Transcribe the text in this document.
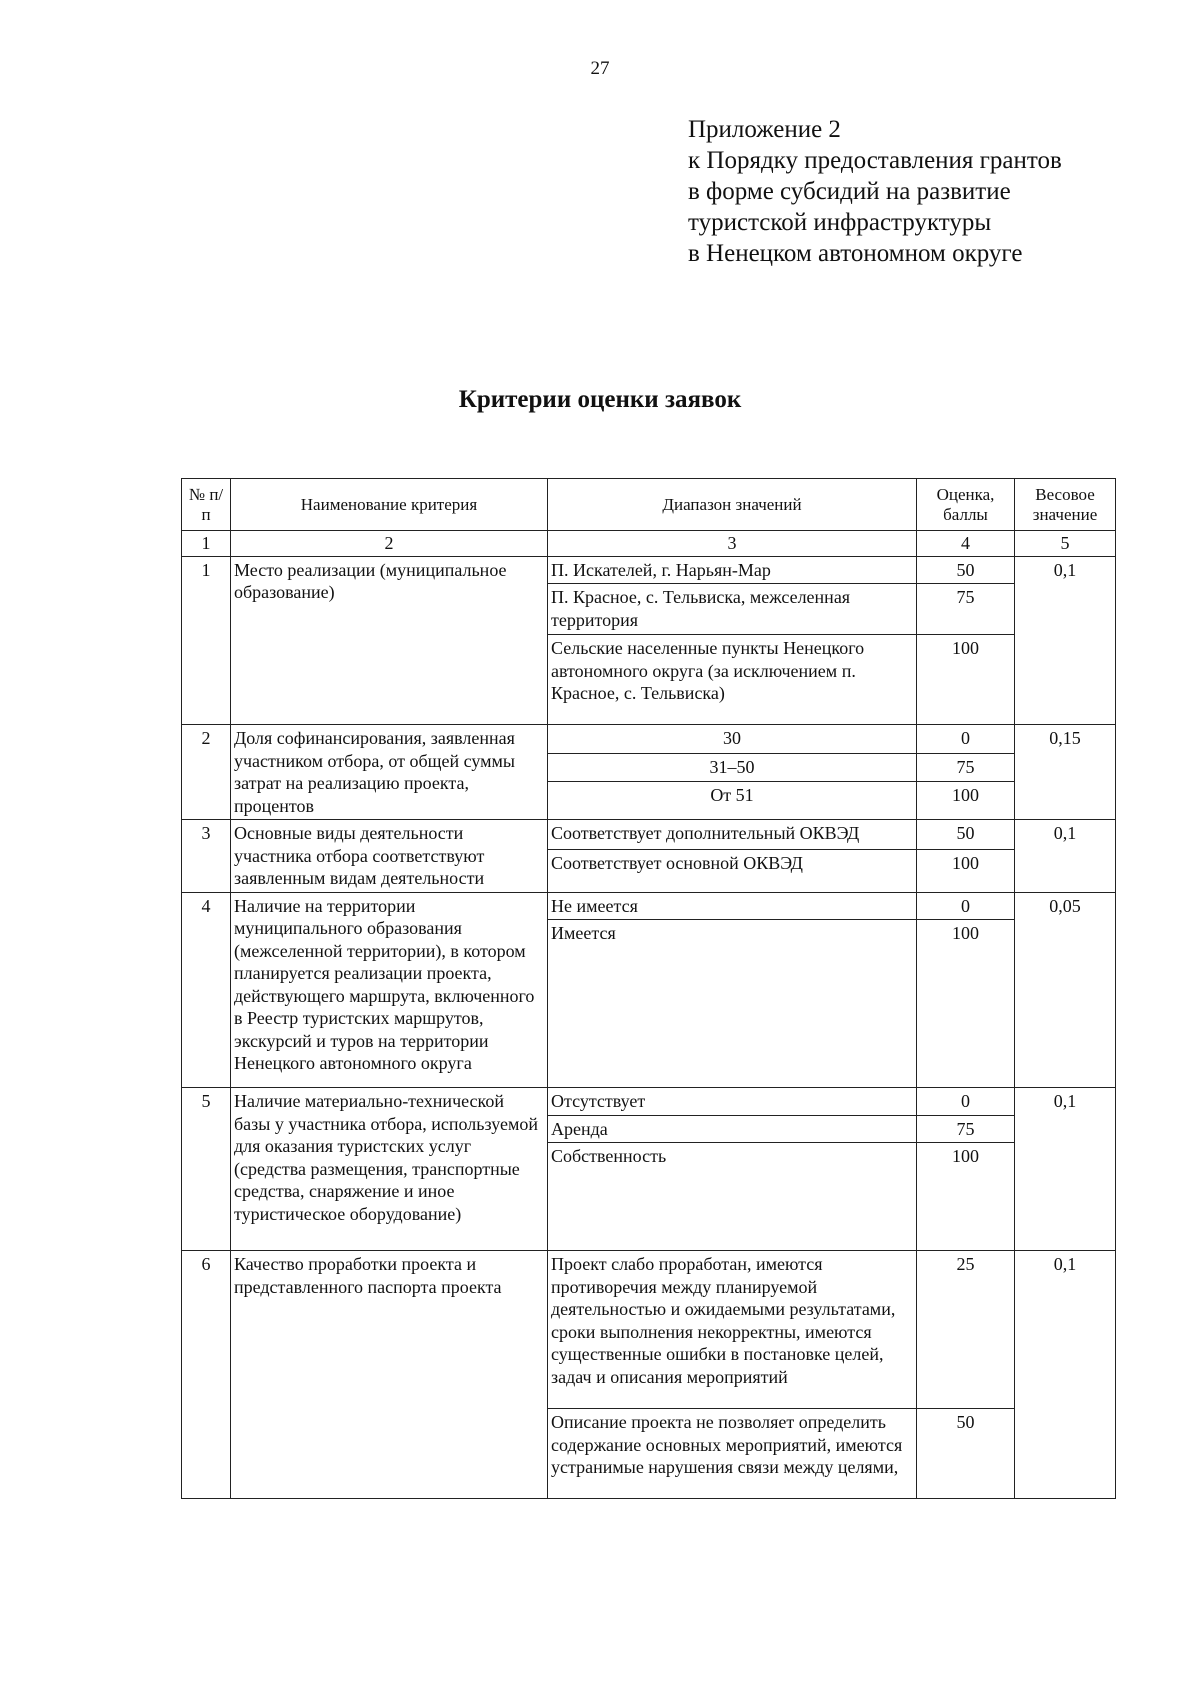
27
Приложение 2
к Порядку предоставления грантов
в форме субсидий на развитие
туристской инфраструктуры
в Ненецком автономном округе
Критерии оценки заявок
№ п/п	Наименование критерия	Диапазон значений	Оценка, баллы	Весовое значение
1	2	3	4	5
1	Место реализации (муниципальное образование)	П. Искателей, г. Нарьян-Мар	50	0,1
		П. Красное, с. Тельвиска, межселенная территория	75	
		Сельские населенные пункты Ненецкого автономного округа (за исключением п. Красное, с. Тельвиска)	100	
2	Доля софинансирования, заявленная участником отбора, от общей суммы затрат на реализацию проекта, процентов	30	0	0,15
		31–50	75	
		От 51	100	
3	Основные виды деятельности участника отбора соответствуют заявленным видам деятельности	Соответствует дополнительный ОКВЭД	50	0,1
		Соответствует основной ОКВЭД	100	
4	Наличие на территории муниципального образования (межселенной территории), в котором планируется реализации проекта, действующего маршрута, включенного в Реестр туристских маршрутов, экскурсий и туров на территории Ненецкого автономного округа	Не имеется	0	0,05
		Имеется	100	
5	Наличие материально-технической базы у участника отбора, используемой для оказания туристских услуг (средства размещения, транспортные средства, снаряжение и иное туристическое оборудование)	Отсутствует	0	0,1
		Аренда	75	
		Собственность	100	
6	Качество проработки проекта и представленного паспорта проекта	Проект слабо проработан, имеются противоречия между планируемой деятельностью и ожидаемыми результатами, сроки выполнения некорректны, имеются существенные ошибки в постановке целей, задач и описания мероприятий	25	0,1
		Описание проекта не позволяет определить содержание основных мероприятий, имеются устранимые нарушения связи между целями,	50	
